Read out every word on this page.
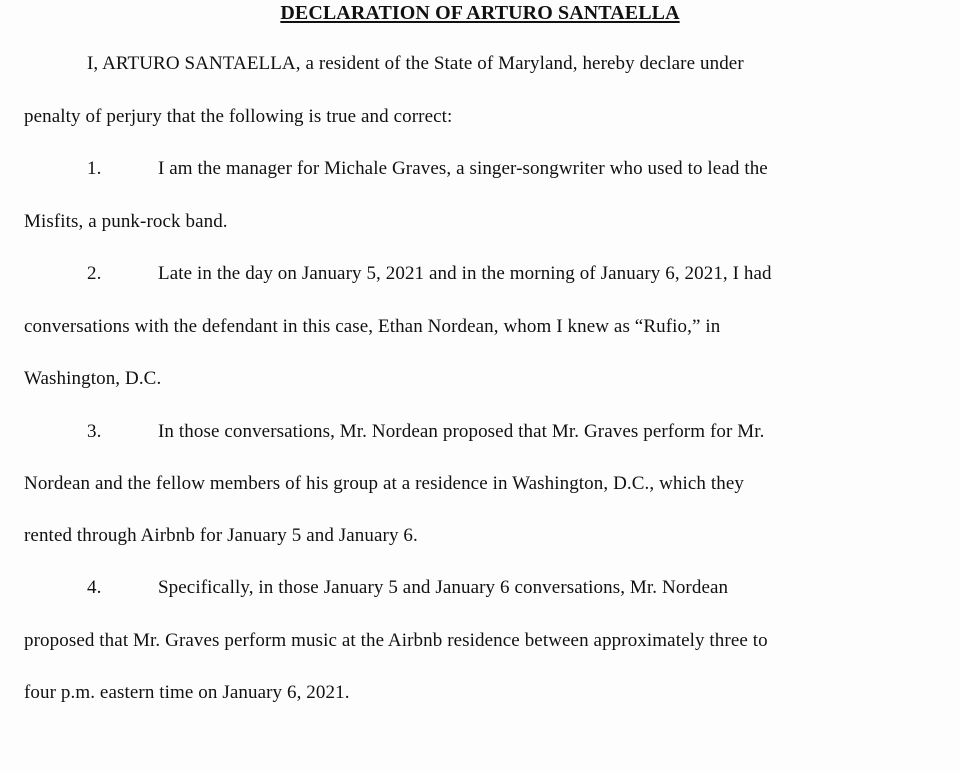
DECLARATION OF ARTURO SANTAELLA
I, ARTURO SANTAELLA, a resident of the State of Maryland, hereby declare under
penalty of perjury that the following is true and correct:
1.	I am the manager for Michale Graves, a singer-songwriter who used to lead the
Misfits, a punk-rock band.
2.	Late in the day on January 5, 2021 and in the morning of January 6, 2021, I had
conversations with the defendant in this case, Ethan Nordean, whom I knew as “Rufio,” in
Washington, D.C.
3.	In those conversations, Mr. Nordean proposed that Mr. Graves perform for Mr.
Nordean and the fellow members of his group at a residence in Washington, D.C., which they
rented through Airbnb for January 5 and January 6.
4.	Specifically, in those January 5 and January 6 conversations, Mr. Nordean
proposed that Mr. Graves perform music at the Airbnb residence between approximately three to
four p.m. eastern time on January 6, 2021.
